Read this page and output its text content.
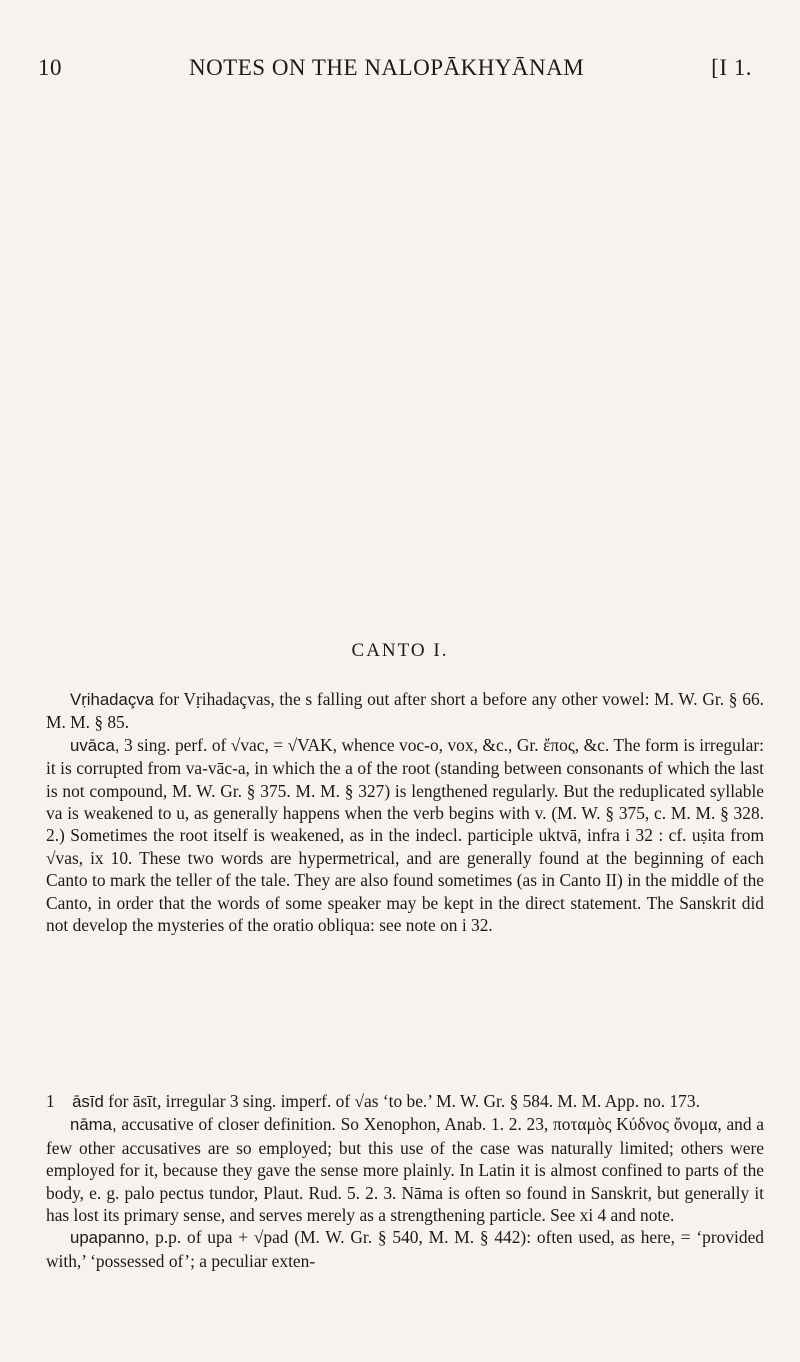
10	NOTES ON THE NALOPĀKHYĀNAM	[I 1.
CANTO I.

Vṛihadaçva for Vṛihadaçvas, the s falling out after short a before any other vowel: M. W. Gr. § 66. M. M. § 85.

uvāca, 3 sing. perf. of √vac, = √VAK, whence voc-o, vox, &c., Gr. ἔπος, &c. The form is irregular: it is corrupted from va-vāc-a, in which the a of the root (standing between consonants of which the last is not compound, M. W. Gr. § 375. M. M. § 327) is lengthened regularly. But the reduplicated syllable va is weakened to u, as generally happens when the verb begins with v. (M. W. § 375, c. M. M. § 328. 2.) Sometimes the root itself is weakened, as in the indecl. participle uktvā, infra i 32 : cf. uṣita from √vas, ix 10. These two words are hypermetrical, and are generally found at the beginning of each Canto to mark the teller of the tale. They are also found sometimes (as in Canto II) in the middle of the Canto, in order that the words of some speaker may be kept in the direct statement. The Sanskrit did not develop the mysteries of the oratio obliqua: see note on i 32.

1  āsīd for āsīt, irregular 3 sing. imperf. of √as ‘to be.’ M. W. Gr. § 584. M. M. App. no. 173.

nāma, accusative of closer definition. So Xenophon, Anab. 1. 2. 23, ποταμὸς Κύδνος ὄνομα, and a few other accusatives are so employed; but this use of the case was naturally limited; others were employed for it, because they gave the sense more plainly. In Latin it is almost confined to parts of the body, e. g. palo pectus tundor, Plaut. Rud. 5. 2. 3. Nāma is often so found in Sanskrit, but generally it has lost its primary sense, and serves merely as a strengthening particle. See xi 4 and note.

upapanno, p.p. of upa + √pad (M. W. Gr. § 540, M. M. § 442): often used, as here, = ‘provided with,’ ‘possessed of’; a peculiar exten-
